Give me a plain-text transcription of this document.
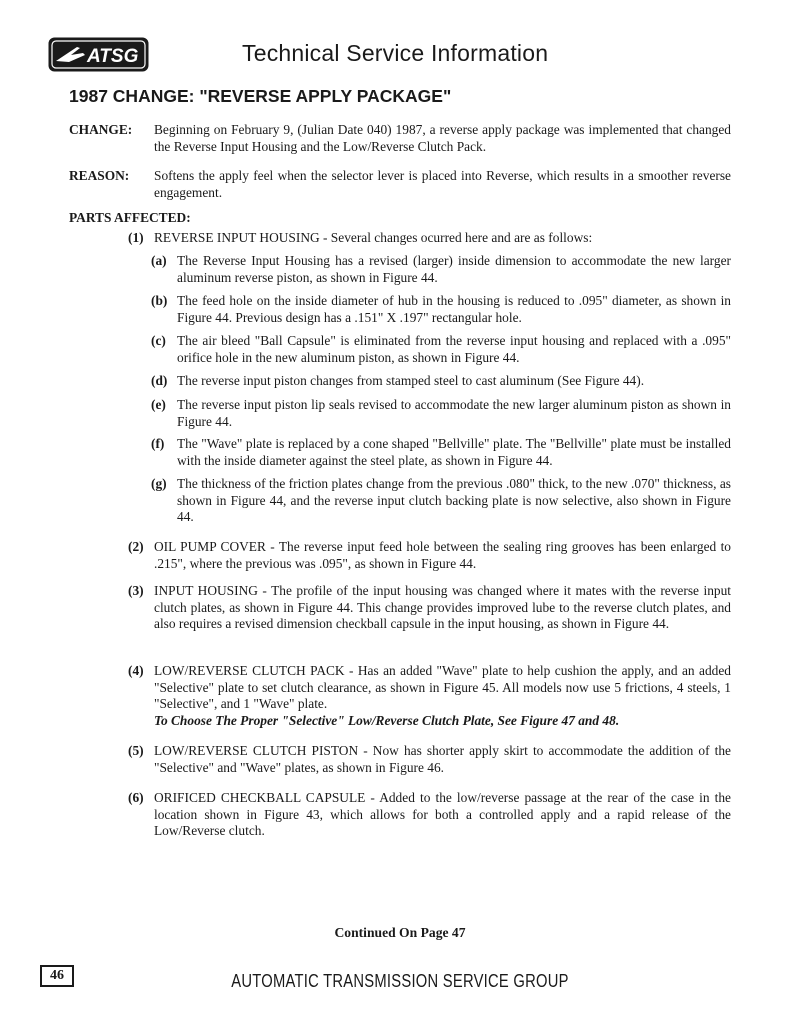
ATSG	Technical Service Information
1987 CHANGE: "REVERSE APPLY PACKAGE"
CHANGE: Beginning on February 9, (Julian Date 040) 1987, a reverse apply package was implemented that changed the Reverse Input Housing and the Low/Reverse Clutch Pack.
REASON: Softens the apply feel when the selector lever is placed into Reverse, which results in a smoother reverse engagement.
PARTS AFFECTED:
(1) REVERSE INPUT HOUSING - Several changes ocurred here and are as follows:
(a) The Reverse Input Housing has a revised (larger) inside dimension to accommodate the new larger aluminum reverse piston, as shown in Figure 44.
(b) The feed hole on the inside diameter of hub in the housing is reduced to .095" diameter, as shown in Figure 44. Previous design has a .151" X .197" rectangular hole.
(c) The air bleed "Ball Capsule" is eliminated from the reverse input housing and replaced with a .095" orifice hole in the new aluminum piston, as shown in Figure 44.
(d) The reverse input piston changes from stamped steel to cast aluminum (See Figure 44).
(e) The reverse input piston lip seals revised to accommodate the new larger aluminum piston as shown in Figure 44.
(f) The "Wave" plate is replaced by a cone shaped "Bellville" plate. The "Bellville" plate must be installed with the inside diameter against the steel plate, as shown in Figure 44.
(g) The thickness of the friction plates change from the previous .080" thick, to the new .070" thickness, as shown in Figure 44, and the reverse input clutch backing plate is now selective, also shown in Figure 44.
(2) OIL PUMP COVER - The reverse input feed hole between the sealing ring grooves has been enlarged to .215", where the previous was .095", as shown in Figure 44.
(3) INPUT HOUSING - The profile of the input housing was changed where it mates with the reverse input clutch plates, as shown in Figure 44. This change provides improved lube to the reverse clutch plates, and also requires a revised dimension checkball capsule in the input housing, as shown in Figure 44.
(4) LOW/REVERSE CLUTCH PACK - Has an added "Wave" plate to help cushion the apply, and an added "Selective" plate to set clutch clearance, as shown in Figure 45. All models now use 5 frictions, 4 steels, 1 "Selective", and 1 "Wave" plate.
To Choose The Proper "Selective" Low/Reverse Clutch Plate, See Figure 47 and 48.
(5) LOW/REVERSE CLUTCH PISTON - Now has shorter apply skirt to accommodate the addition of the "Selective" and "Wave" plates, as shown in Figure 46.
(6) ORIFICED CHECKBALL CAPSULE - Added to the low/reverse passage at the rear of the case in the location shown in Figure 43, which allows for both a controlled apply and a rapid release of the Low/Reverse clutch.
Continued On Page 47
46	AUTOMATIC TRANSMISSION SERVICE GROUP
